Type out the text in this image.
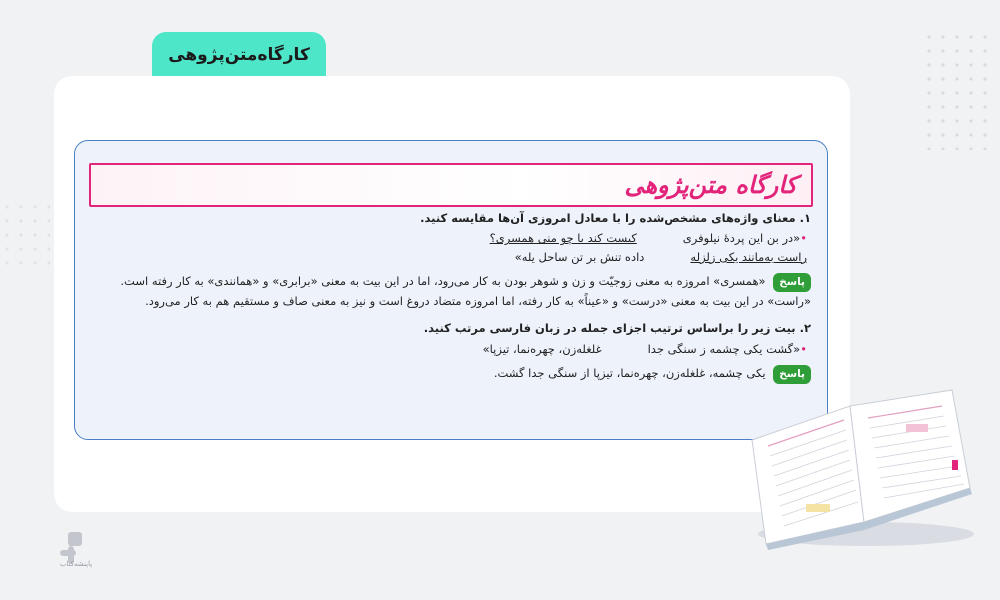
کارگاه‌متن‌پژوهی
کارگاه متن‌پژوهی
۱. معنای واژه‌های مشخص‌شده را با معادل امروزی آن‌ها مقایسه کنید.
•«در بن این پردهٔ نیلوفری
کیست کند با چو منی همسری؟
راست به‌مانند یکی زلزله
داده تنش بر تن ساحل یله»
پاسخ «همسری» امروزه به معنی زوجیّت و زن و شوهر بودن به کار می‌رود، اما در این بیت به معنی «برابری» و «همانندی» به کار رفته است. «راست» در این بیت به معنی «درست» و «عیناً» به کار رفته، اما امروزه متضاد دروغ است و نیز به معنی صاف و مستقیم هم به کار می‌رود.
۲. بیت زیر را براساس ترتیب اجزای جمله در زبان فارسی مرتب کنید.
•«گشت یکی چشمه ز سنگی جدا
غلغله‌زن، چهره‌نما، تیزپا»
پاسخ یکی چشمه، غلغله‌زن، چهره‌نما، تیزپا از سنگی جدا گشت.
پاپنشه‌کتاب
